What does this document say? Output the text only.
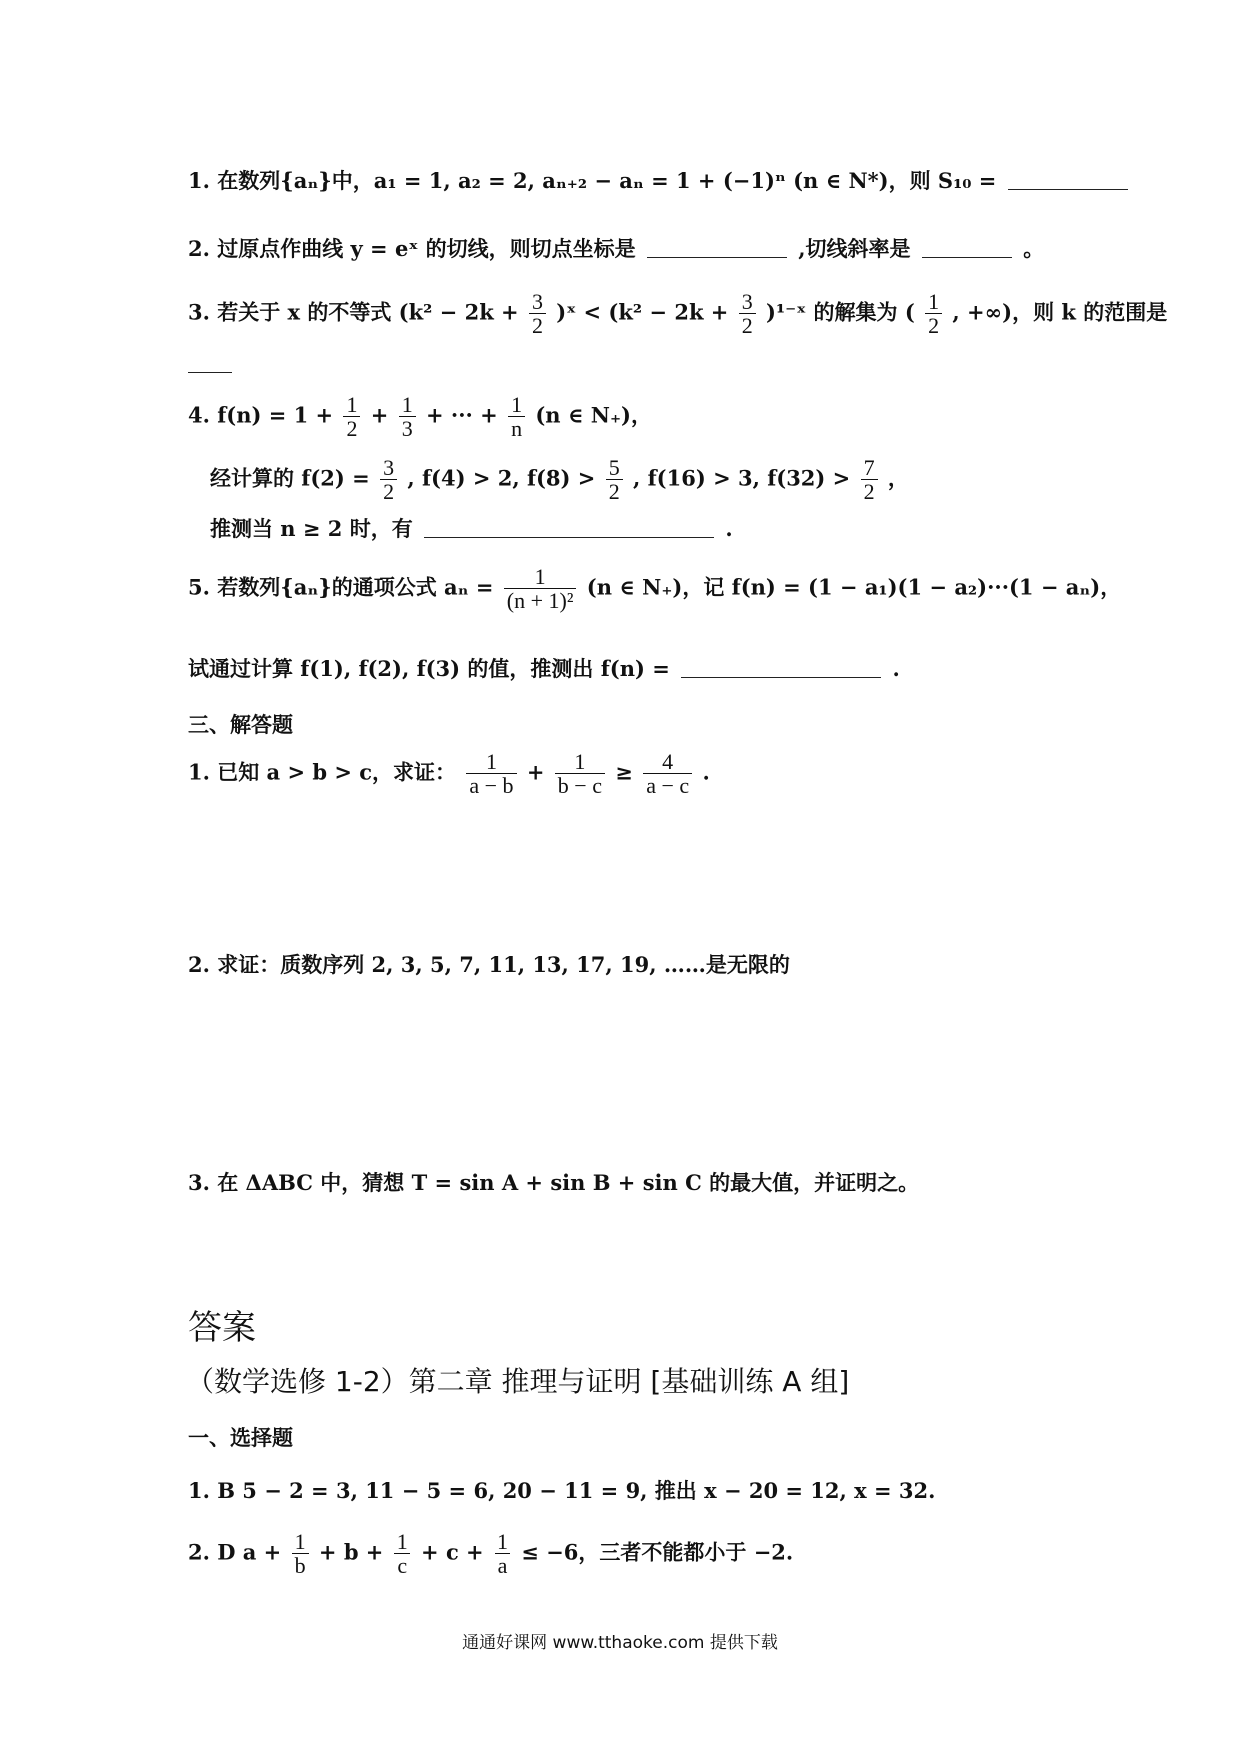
1. 在数列{aₙ}中，a₁ = 1, a₂ = 2, aₙ₊₂ − aₙ = 1 + (−1)ⁿ (n ∈ N*)，则 S₁₀ =
2. 过原点作曲线 y = eˣ 的切线，则切点坐标是	,切线斜率是	。
3. 若关于 x 的不等式 ($k^2 - 2k + \frac{3}{2}$ )ˣ < ($k^2 - 2k + \frac{3}{2}$ )¹⁻ˣ 的解集为 ( $\frac{1}{2}$ , +∞)，则 k 的范围是
4. $f(n) = 1 + \frac{1}{2} + \frac{1}{3}$ + ··· + $\frac{1}{n} (n$ ∈ N₊)，
经计算的 $f(2) = \frac{3}{2}$ , f(4) > 2, $f(8) > \frac{5}{2}$ , f(16) > 3, $f(32) > \frac{7}{2}$ ，
推测当 n ≥ 2 时，有	.
5. 若数列{aₙ}的通项公式 $a_n = \frac{1}{\text{(n + 1)²}} (n$ ∈ N₊)，记 f(n) = (1 − a₁)(1 − a₂)···(1 − aₙ)，
试通过计算 f(1), f(2), f(3) 的值，推测出 f(n) =	.
三、解答题
1. 已知 a > b > c，求证： $\frac{1}{a - b} + \frac{1}{b - c} \ge \frac{4}{a - c}$ .
2. 求证：质数序列 2, 3, 5, 7, 11, 13, 17, 19, ……是无限的
3. 在 ΔABC 中，猜想 T = sin A + sin B + sin C 的最大值，并证明之。
答案
（数学选修 1-2）第二章 推理与证明 [基础训练 A 组]
一、选择题
1. B 5 − 2 = 3, 11 − 5 = 6, 20 − 11 = 9, 推出 x − 20 = 12, x = 32.
2. D $a + \frac{1}{b} + b + \frac{1}{c} + c + \frac{1}{a} \le -6$，三者不能都小于 −2.
通通好课网 www.tthaoke.com 提供下载
